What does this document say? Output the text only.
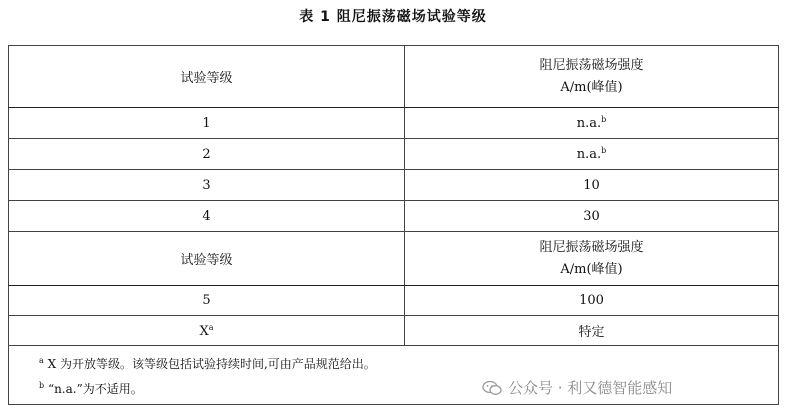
表 1 阻尼振荡磁场试验等级
试验等级	阻尼振荡磁场强度
A/m(峰值)

1	n.a.$^b$
2	n.a.$^b$
3	10
4	30
试验等级	阻尼振荡磁场强度
A/m(峰值)

5	100
$X^a$	特定

$^a$ X 为开放等级。该等级包括试验持续时间,可由产品规范给出。
$^b$ “n.a.”为不适用。		公众号 · 利又德智能感知
